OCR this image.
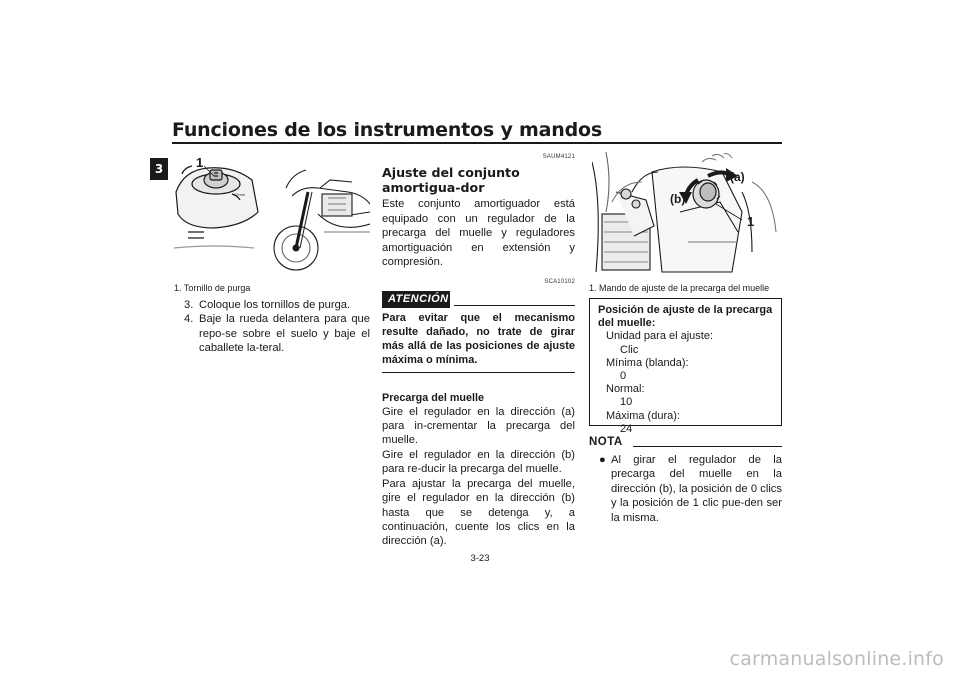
Funciones de los instrumentos y mandos
3
10mm
1
1. Tornillo de purga
3. Coloque los tornillos de purga.
4. Baje la rueda delantera para que repo-se sobre el suelo y baje el caballete la-teral.
SAUM4121
Ajuste del conjunto amortigua-dor

Este conjunto amortiguador está equipado con un regulador de la precarga del muelle y reguladores amortiguación en extensión y compresión.

SCA10102
ATENCIÓN

Para evitar que el mecanismo resulte dañado, no trate de girar más allá de las posiciones de ajuste máxima o mínima.

Precarga del muelle

Gire el regulador en la dirección (a) para in-crementar la precarga del muelle.

Gire el regulador en la dirección (b) para re-ducir la precarga del muelle.

Para ajustar la precarga del muelle, gire el regulador en la dirección (b) hasta que se detenga y, a continuación, cuente los clics en la dirección (a).

(a)
(b)
1
1. Mando de ajuste de la precarga del muelle
Posición de ajuste de la precarga del muelle:
Unidad para el ajuste:
Clic
Mínima (blanda):
0
Normal:
10
Máxima (dura):
24
NOTA
● Al girar el regulador de la precarga del muelle en la dirección (b), la posición de 0 clics y la posición de 1 clic pue-den ser la misma.

3-23
carmanualsonline.info
